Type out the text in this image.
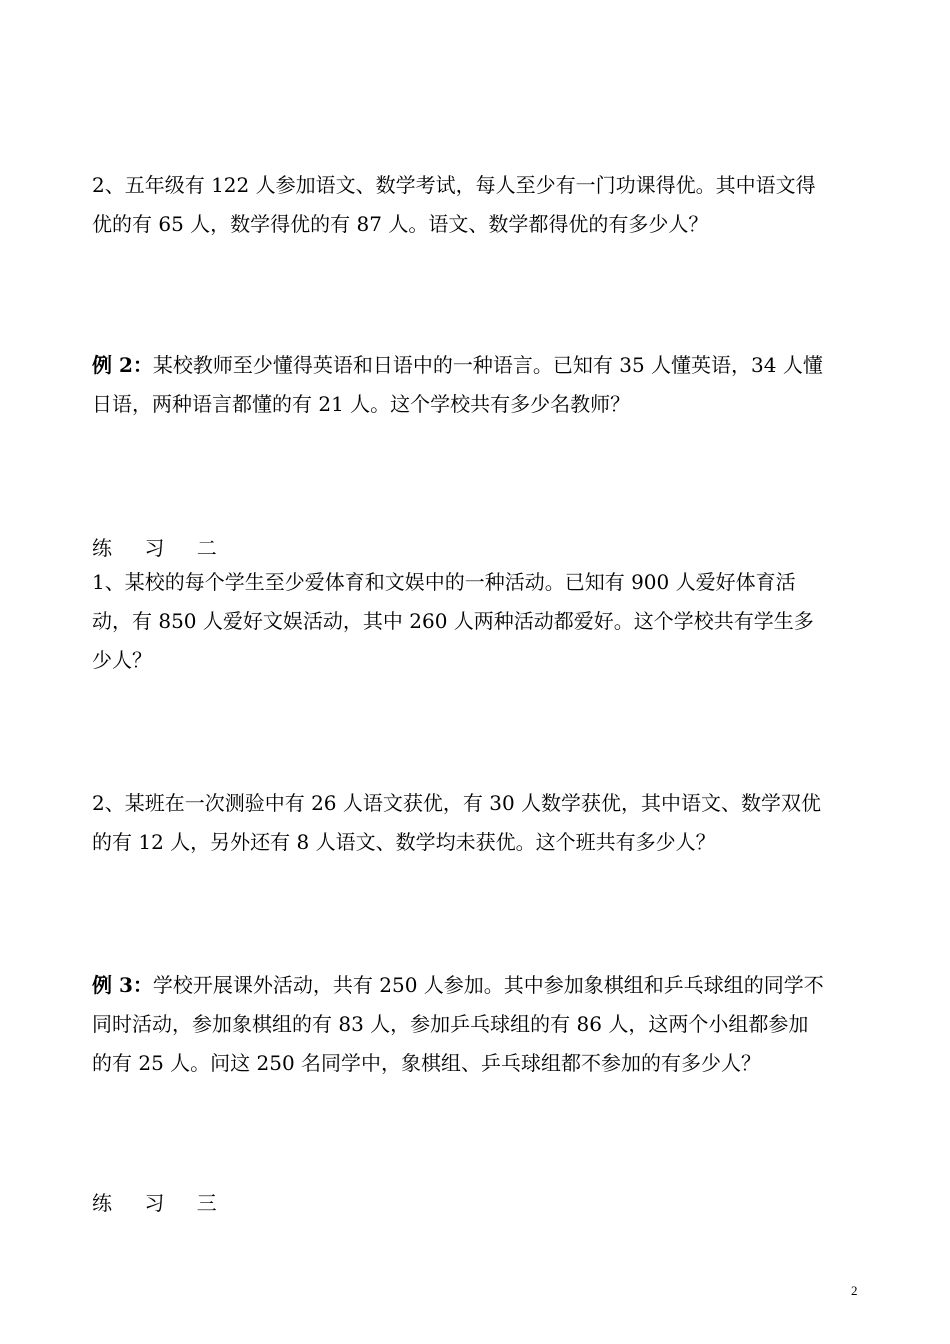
2、五年级有 122 人参加语文、数学考试，每人至少有一门功课得优。其中语文得
优的有 65 人，数学得优的有 87 人。语文、数学都得优的有多少人？
例 2：某校教师至少懂得英语和日语中的一种语言。已知有 35 人懂英语，34 人懂
日语，两种语言都懂的有 21 人。这个学校共有多少名教师？
练 习 二
1、某校的每个学生至少爱体育和文娱中的一种活动。已知有 900 人爱好体育活
动，有 850 人爱好文娱活动，其中 260 人两种活动都爱好。这个学校共有学生多
少人？
2、某班在一次测验中有 26 人语文获优，有 30 人数学获优，其中语文、数学双优
的有 12 人，另外还有 8 人语文、数学均未获优。这个班共有多少人？
例 3：学校开展课外活动，共有 250 人参加。其中参加象棋组和乒乓球组的同学不
同时活动，参加象棋组的有 83 人，参加乒乓球组的有 86 人，这两个小组都参加
的有 25 人。问这 250 名同学中，象棋组、乒乓球组都不参加的有多少人？
练 习 三
2
